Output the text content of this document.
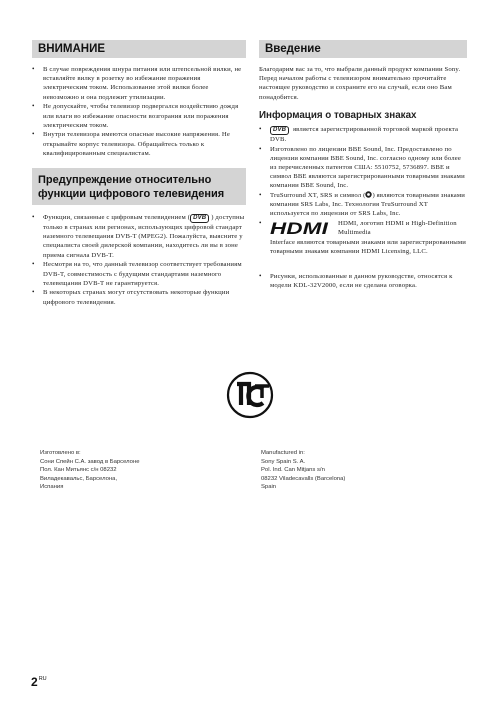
ВНИМАНИЕ
• В случае повреждения шнура питания или штепсельной вилки, не вставляйте вилку в розетку во избежание поражения электрическим током. Использование этой вилки более невозможно и она подлежит утилизации.
• Не допускайте, чтобы телевизор подвергался воздействию дождя или влаги во избежание опасности возгорания или поражения электрическим током.
• Внутри телевизора имеются опасные высокие напряжения. Не открывайте корпус телевизора. Обращайтесь только к квалифицированным специалистам.
Предупреждение относительно функции цифрового телевидения
• Функции, связанные с цифровым телевидением ( DVB ) доступны только в странах или регионах, использующих цифровой стандарт наземного телевещания DVB-T (MPEG2). Пожалуйста, выясните у специалиста своей дилерской компании, находитесь ли вы в зоне приема сигнала DVB-T.
• Несмотря на то, что данный телевизор соответствует требованиям DVB-T, совместимость с будущими стандартами наземного телевещания DVB-T не гарантируется.
• В некоторых странах могут отсутствовать некоторые функции цифрового телевидения.
Введение

Благодарим вас за то, что выбрали данный продукт компании Sony. Перед началом работы с телевизором внимательно прочитайте настоящее руководство и сохраните его на случай, если оно Вам понадобится.

Информация о товарных знаках
• DVB является зарегистрированной торговой маркой проекта DVB.
• Изготовлено по лицензии BBE Sound, Inc. Предоставлено по лицензии компании BBE Sound, Inc. согласно одному или более из перечисленных патентов США: 5510752, 5736897. BBE и символ BBE являются зарегистрированными товарными знаками компании BBE Sound, Inc.
• TruSurround XT, SRS и символ ( ) являются товарными знаками компании SRS Labs, Inc. Технология TruSurround XT используется по лицензии от SRS Labs, Inc.
• HDMI	HDMI, логотип HDMI и High-Definition Multimedia
Interface являются товарными знаками или зарегистрированными товарными знаками компании HDMI Licensing, LLC.
• Рисунки, использованные в данном руководстве, относятся к модели KDL-32V2000, если не сделана оговорка.
Изготовлено в:
Сони Спейн С.А. завод в Барселоне
Пол. Кан Митьянс с/н 08232
Виладекавальс, Барселона,
Испания
Manufactured in:
Sony Spain S. A.
Pol. Ind. Can Mitjans s/n
08232 Viladecavalls (Barcelona)
Spain
$2^{RU}$
